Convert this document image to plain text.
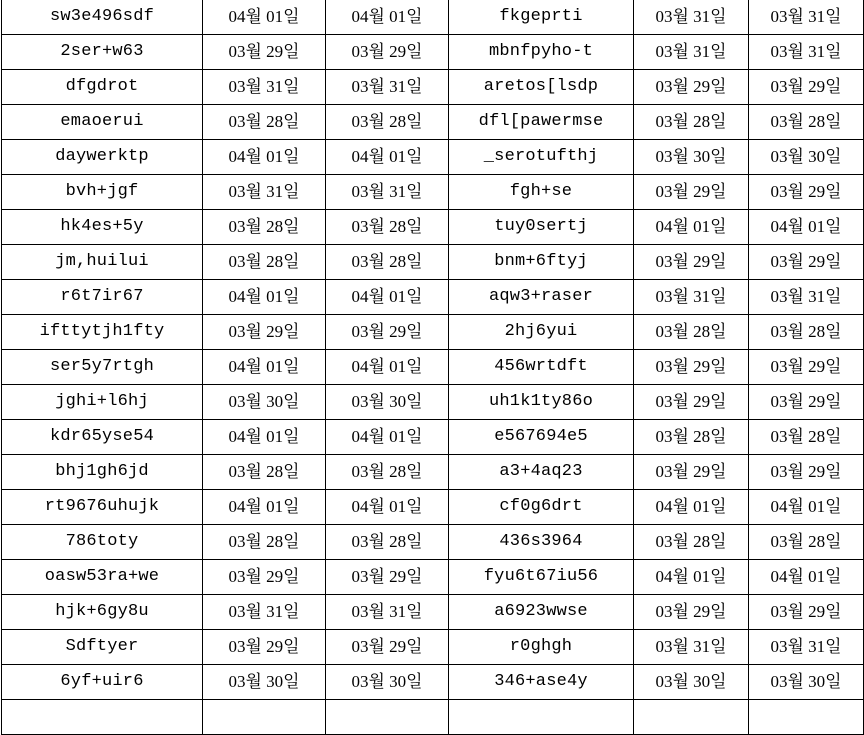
sw3e496sdf	04월 01일	04월 01일	fkgeprti	03월 31일	03월 31일
2ser+w63	03월 29일	03월 29일	mbnfpyho-t	03월 31일	03월 31일
dfgdrot	03월 31일	03월 31일	aretos[lsdp	03월 29일	03월 29일
emaoerui	03월 28일	03월 28일	dfl[pawermse	03월 28일	03월 28일
daywerktp	04월 01일	04월 01일	_serotufthj	03월 30일	03월 30일
bvh+jgf	03월 31일	03월 31일	fgh+se	03월 29일	03월 29일
hk4es+5y	03월 28일	03월 28일	tuy0sertj	04월 01일	04월 01일
jm,huilui	03월 28일	03월 28일	bnm+6ftyj	03월 29일	03월 29일
r6t7ir67	04월 01일	04월 01일	aqw3+raser	03월 31일	03월 31일
ifttytjh1fty	03월 29일	03월 29일	2hj6yui	03월 28일	03월 28일
ser5y7rtgh	04월 01일	04월 01일	456wrtdft	03월 29일	03월 29일
jghi+l6hj	03월 30일	03월 30일	uh1k1ty86o	03월 29일	03월 29일
kdr65yse54	04월 01일	04월 01일	e567694e5	03월 28일	03월 28일
bhj1gh6jd	03월 28일	03월 28일	a3+4aq23	03월 29일	03월 29일
rt9676uhujk	04월 01일	04월 01일	cf0g6drt	04월 01일	04월 01일
786toty	03월 28일	03월 28일	436s3964	03월 28일	03월 28일
oasw53ra+we	03월 29일	03월 29일	fyu6t67iu56	04월 01일	04월 01일
hjk+6gy8u	03월 31일	03월 31일	a6923wwse	03월 29일	03월 29일
Sdftyer	03월 29일	03월 29일	r0ghgh	03월 31일	03월 31일
6yf+uir6	03월 30일	03월 30일	346+ase4y	03월 30일	03월 30일
